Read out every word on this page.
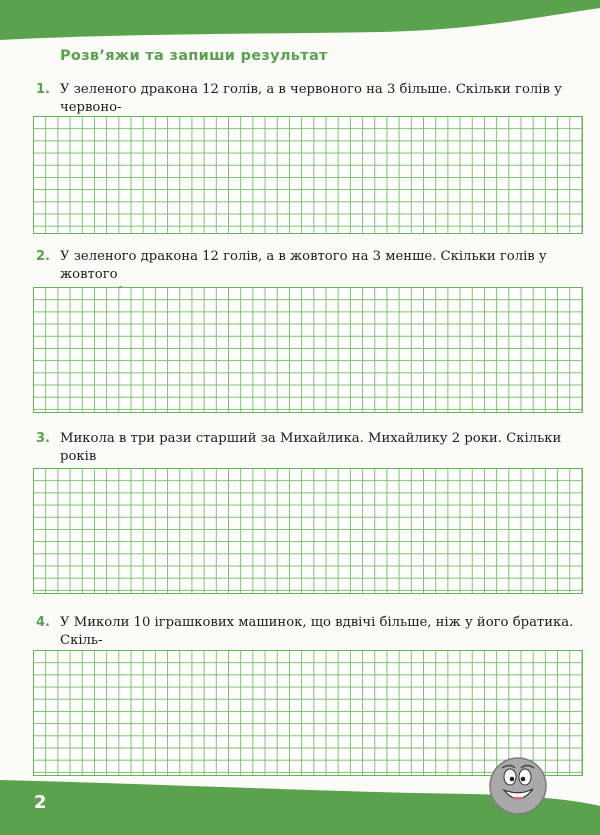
Розв’яжи та запиши результат
1. У зеленого дракона 12 голів, а в червоного на 3 більше. Скільки голів у червоно-

2. У зеленого дракона 12 голів, а в жовтого на 3 менше. Скільки голів у жовтого

3. Микола в три рази старший за Михайлика. Михайлику 2 роки. Скільки років

4. У Миколи 10 іграшкових машинок, що вдвічі більше, ніж у його братика. Скіль-

2
